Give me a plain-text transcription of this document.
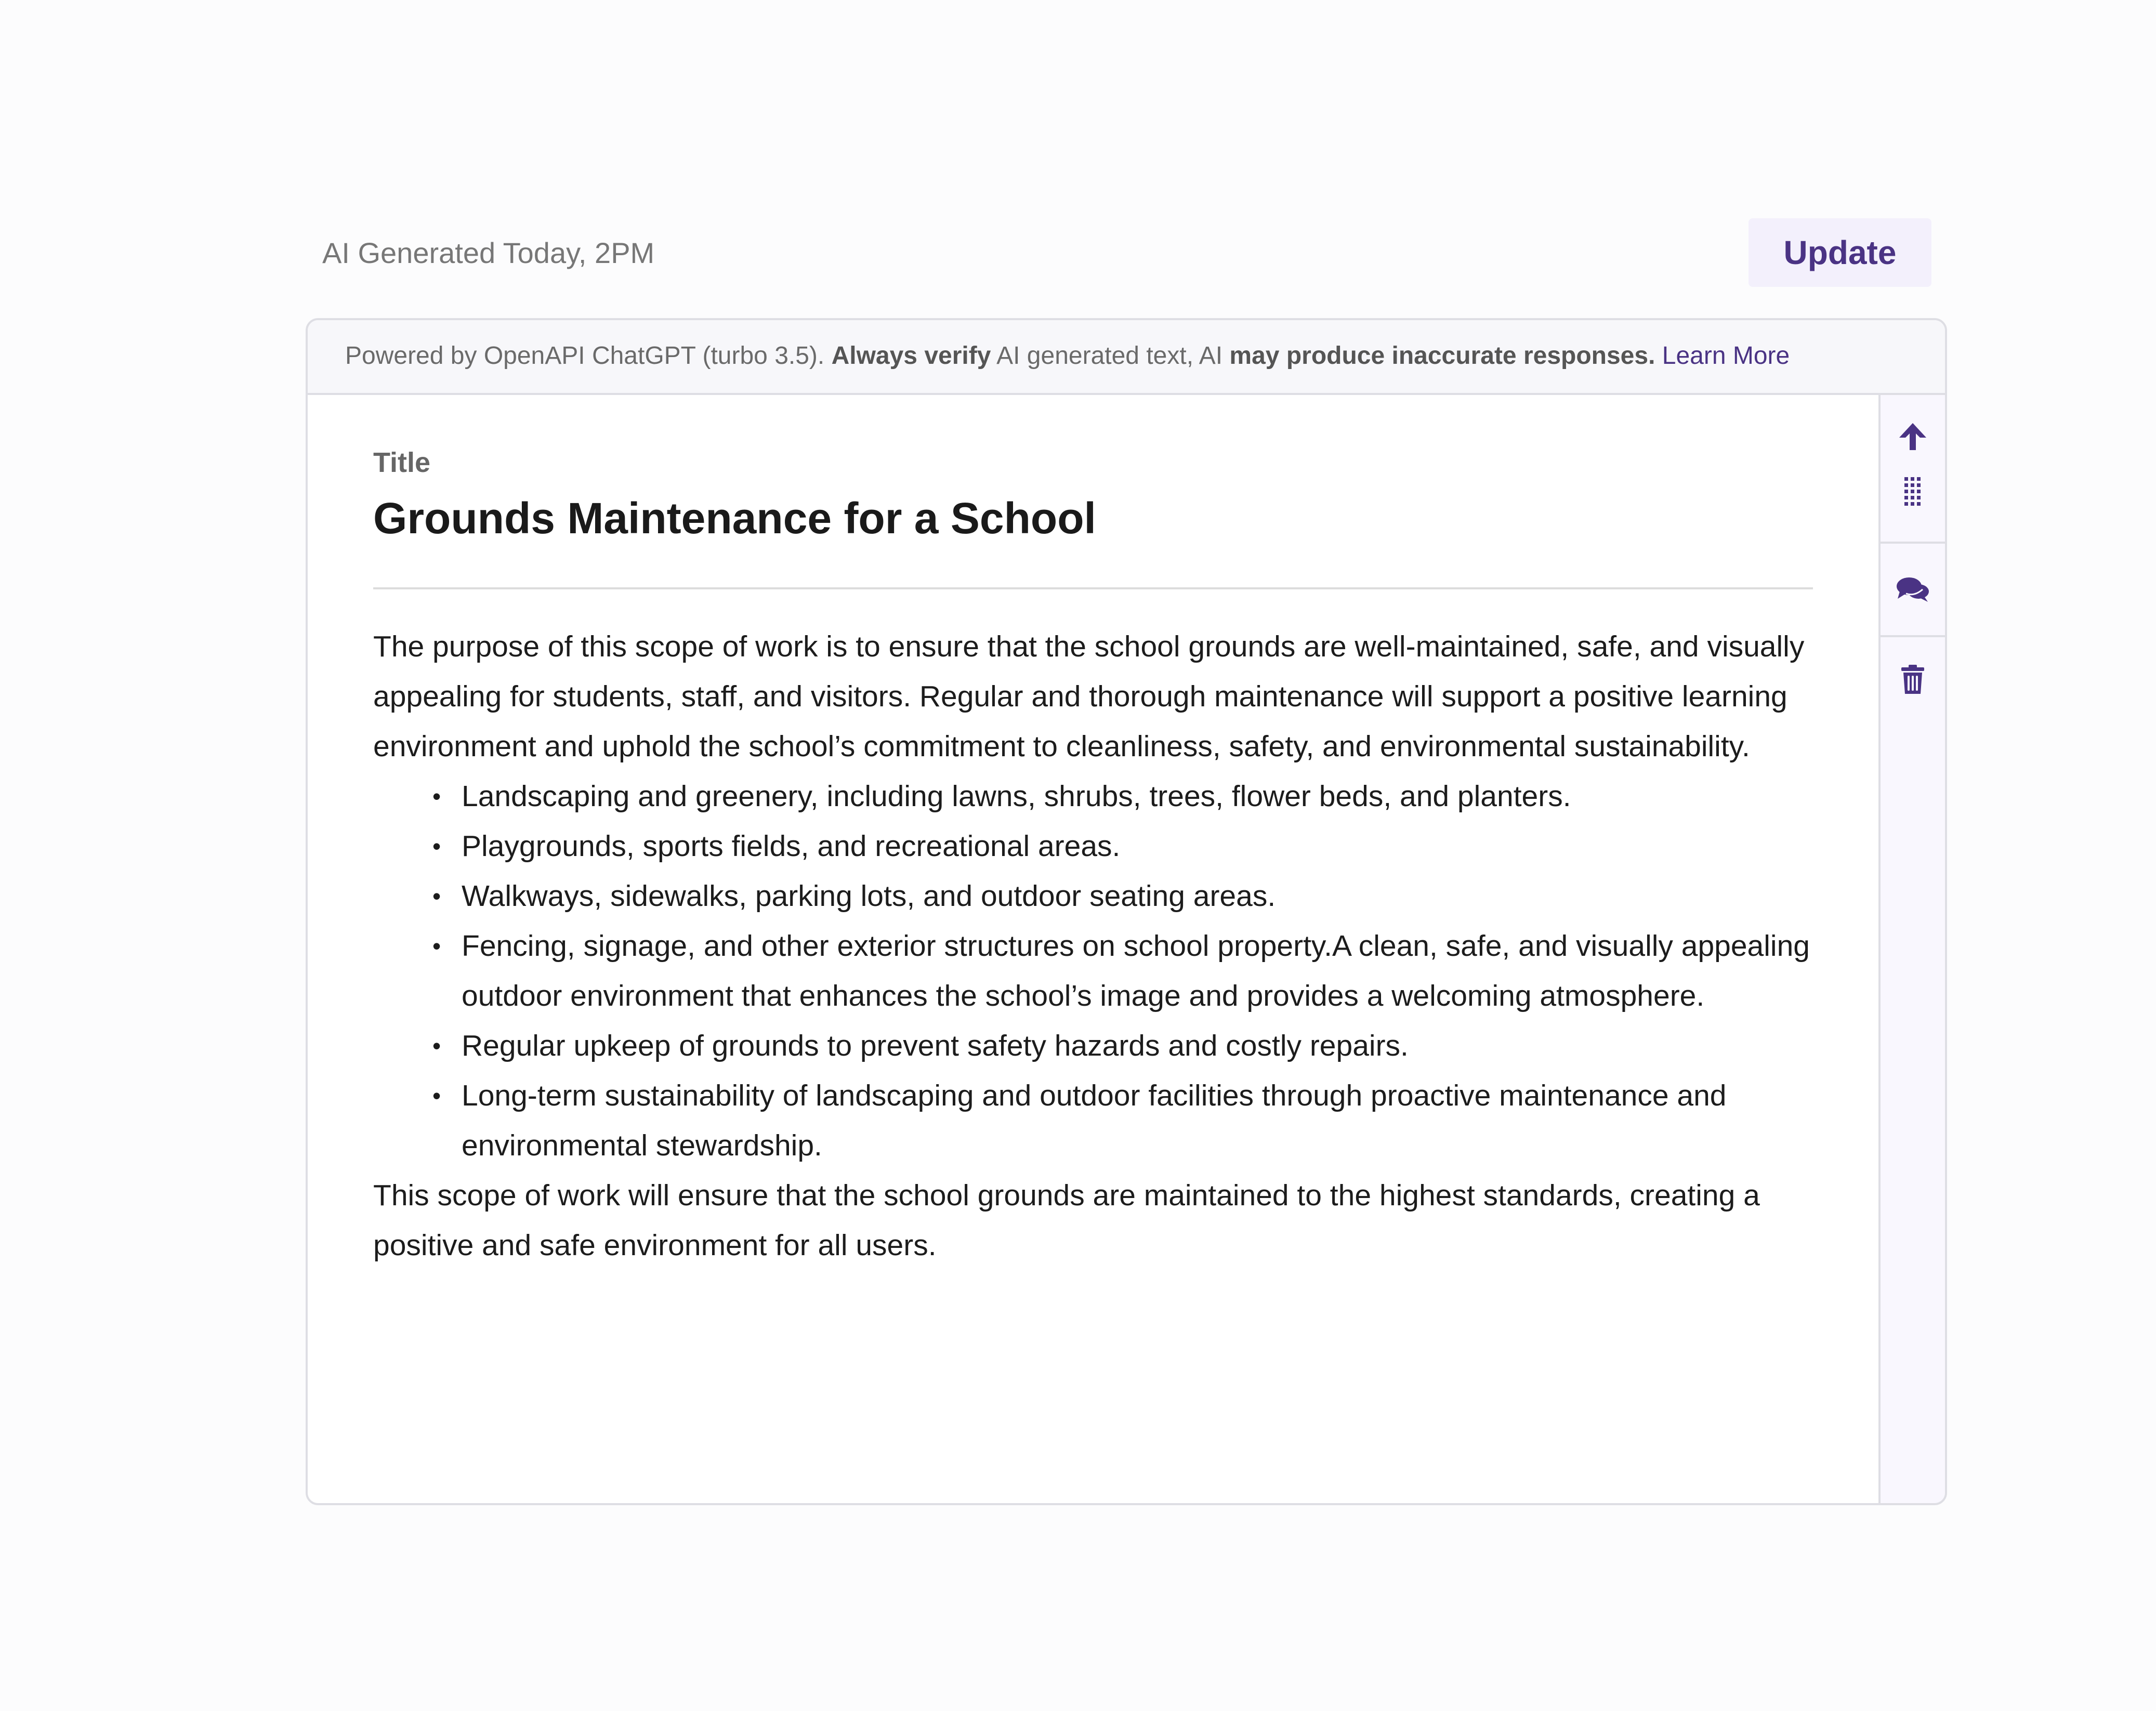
AI Generated Today, 2PM	Update
Powered by OpenAPI ChatGPT (turbo 3.5). Always verify AI generated text, AI may produce inaccurate responses. Learn More
Title
Grounds Maintenance for a School

The purpose of this scope of work is to ensure that the school grounds are well-maintained, safe, and visually appealing for students, staff, and visitors. Regular and thorough maintenance will support a positive learning environment and uphold the school’s commitment to cleanliness, safety, and environmental sustainability.

• Landscaping and greenery, including lawns, shrubs, trees, flower beds, and planters.
• Playgrounds, sports fields, and recreational areas.
• Walkways, sidewalks, parking lots, and outdoor seating areas.
• Fencing, signage, and other exterior structures on school property.A clean, safe, and visually appealing outdoor environment that enhances the school’s image and provides a welcoming atmosphere.
• Regular upkeep of grounds to prevent safety hazards and costly repairs.
• Long-term sustainability of landscaping and outdoor facilities through proactive maintenance and environmental stewardship.

This scope of work will ensure that the school grounds are maintained to the highest standards, creating a positive and safe environment for all users.
